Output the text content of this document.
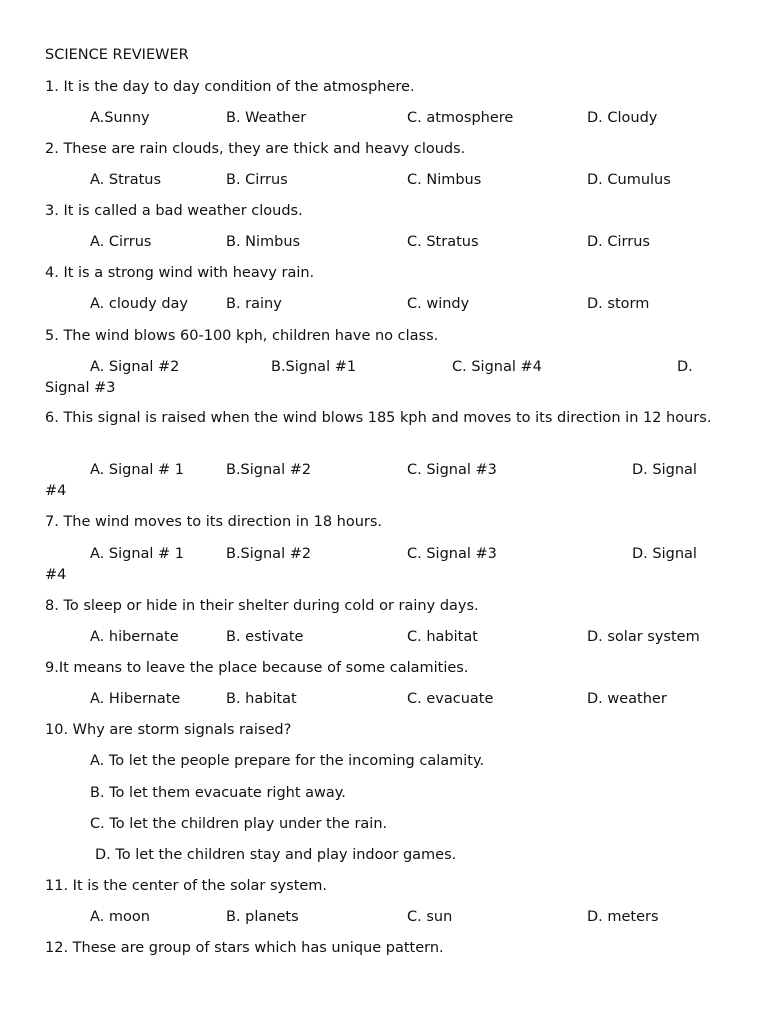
SCIENCE REVIEWER
1. It is the day to day condition of the atmosphere.
A.Sunny	B. Weather	C. atmosphere	D. Cloudy
2. These are rain clouds, they are thick and heavy clouds.
A. Stratus	B. Cirrus	C. Nimbus	D. Cumulus
3. It is called a bad weather clouds.
A. Cirrus	B. Nimbus	C. Stratus	D. Cirrus
4. It is a strong wind with heavy rain.
A. cloudy day	B. rainy	C. windy	D. storm
5. The wind blows 60-100 kph, children have no class.
A. Signal #2	B.Signal #1	C. Signal #4	D.
Signal #3
6. This signal is raised when the wind blows 185 kph and moves to its direction in 12 hours.
A. Signal # 1	B.Signal #2	C. Signal #3	D. Signal
#4
7. The wind moves to its direction in 18 hours.
A. Signal # 1	B.Signal #2	C. Signal #3	D. Signal
#4
8. To sleep or hide in their shelter during cold or rainy days.
A. hibernate	B. estivate	C. habitat	D. solar system
9.It means to leave the place because of some calamities.
A. Hibernate	B. habitat	C. evacuate	D. weather
10. Why are storm signals raised?
A. To let the people prepare for the incoming calamity.
B. To let them evacuate right away.
C. To let the children play under the rain.
D. To let the children stay and play indoor games.
11. It is the center of the solar system.
A. moon	B. planets	C. sun	D. meters
12. These are group of stars which has unique pattern.
